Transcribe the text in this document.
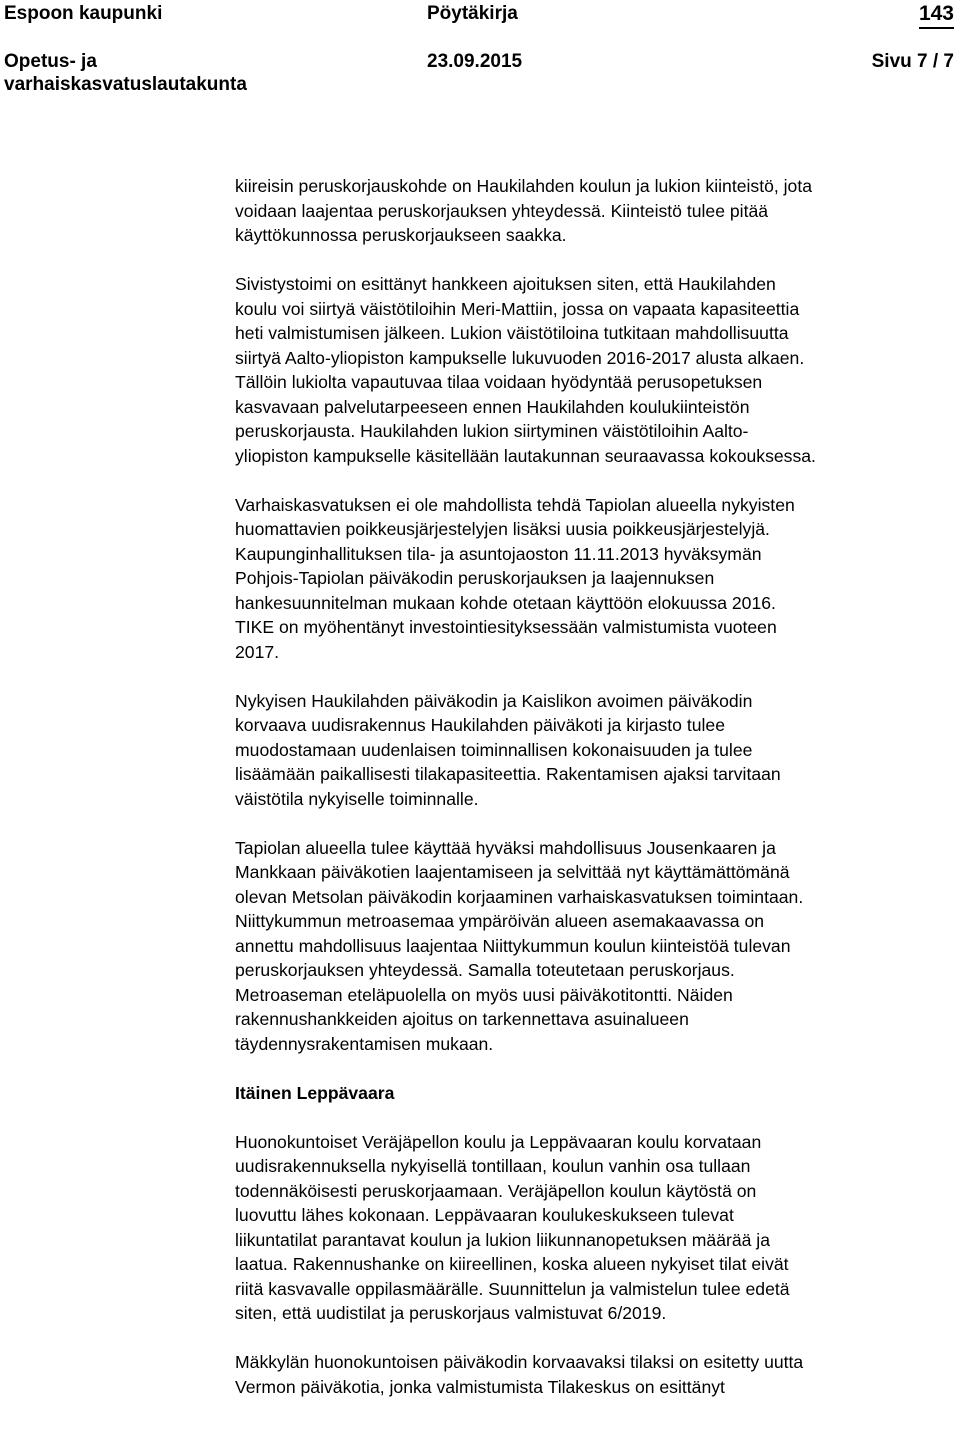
Espoon kaupunki	Pöytäkirja	143
Opetus- ja
varhaiskasvatuslautakunta
23.09.2015	Sivu 7 / 7
kiireisin peruskorjauskohde on Haukilahden koulun ja lukion kiinteistö, jota
voidaan laajentaa peruskorjauksen yhteydessä. Kiinteistö tulee pitää
käyttökunnossa peruskorjaukseen saakka.
Sivistystoimi on esittänyt hankkeen ajoituksen siten, että Haukilahden
koulu voi siirtyä väistötiloihin Meri-Mattiin, jossa on vapaata kapasiteettia
heti valmistumisen jälkeen. Lukion väistötiloina tutkitaan mahdollisuutta
siirtyä Aalto-yliopiston kampukselle lukuvuoden 2016-2017 alusta alkaen.
Tällöin lukiolta vapautuvaa tilaa voidaan hyödyntää perusopetuksen
kasvavaan palvelutarpeeseen ennen Haukilahden koulukiinteistön
peruskorjausta. Haukilahden lukion siirtyminen väistötiloihin Aalto-
yliopiston kampukselle käsitellään lautakunnan seuraavassa kokouksessa.
Varhaiskasvatuksen ei ole mahdollista tehdä Tapiolan alueella nykyisten
huomattavien poikkeusjärjestelyjen lisäksi uusia poikkeusjärjestelyjä.
Kaupunginhallituksen tila- ja asuntojaoston 11.11.2013 hyväksymän
Pohjois-Tapiolan päiväkodin peruskorjauksen ja laajennuksen
hankesuunnitelman mukaan kohde otetaan käyttöön elokuussa 2016.
TIKE on myöhentänyt investointiesityksessään valmistumista vuoteen
2017.
Nykyisen Haukilahden päiväkodin ja Kaislikon avoimen päiväkodin
korvaava uudisrakennus Haukilahden päiväkoti ja kirjasto tulee
muodostamaan uudenlaisen toiminnallisen kokonaisuuden ja tulee
lisäämään paikallisesti tilakapasiteettia. Rakentamisen ajaksi tarvitaan
väistötila nykyiselle toiminnalle.
Tapiolan alueella tulee käyttää hyväksi mahdollisuus Jousenkaaren ja
Mankkaan päiväkotien laajentamiseen ja selvittää nyt käyttämättömänä
olevan Metsolan päiväkodin korjaaminen varhaiskasvatuksen toimintaan.
Niittykummun metroasemaa ympäröivän alueen asemakaavassa on
annettu mahdollisuus laajentaa Niittykummun koulun kiinteistöä tulevan
peruskorjauksen yhteydessä. Samalla toteutetaan peruskorjaus.
Metroaseman eteläpuolella on myös uusi päiväkotitontti. Näiden
rakennushankkeiden ajoitus on tarkennettava asuinalueen
täydennysrakentamisen mukaan.
Itäinen Leppävaara
Huonokuntoiset Veräjäpellon koulu ja Leppävaaran koulu korvataan
uudisrakennuksella nykyisellä tontillaan, koulun vanhin osa tullaan
todennäköisesti peruskorjaamaan. Veräjäpellon koulun käytöstä on
luovuttu lähes kokonaan. Leppävaaran koulukeskukseen tulevat
liikuntatilat parantavat koulun ja lukion liikunnanopetuksen määrää ja
laatua. Rakennushanke on kiireellinen, koska alueen nykyiset tilat eivät
riitä kasvavalle oppilasmäärälle. Suunnittelun ja valmistelun tulee edetä
siten, että uudistilat ja peruskorjaus valmistuvat 6/2019.
Mäkkylän huonokuntoisen päiväkodin korvaavaksi tilaksi on esitetty uutta
Vermon päiväkotia, jonka valmistumista Tilakeskus on esittänyt
